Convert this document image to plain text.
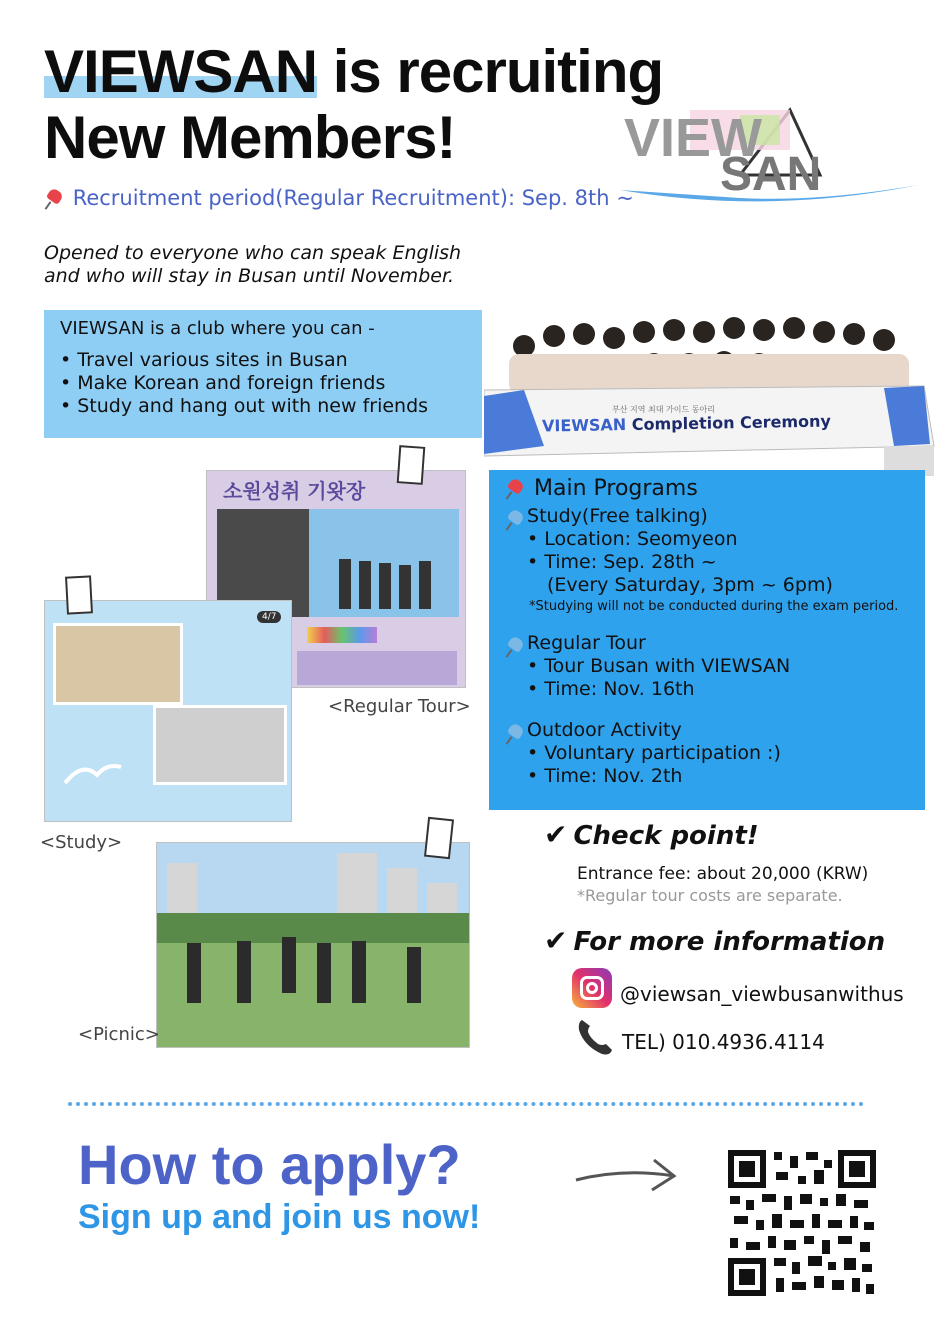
VIEWSAN is recruiting
New Members!	VIEW
SAN
Recruitment period(Regular Recruitment): Sep. 8th ~
Opened to everyone who can speak English
and who will stay in Busan until November.
VIEWSAN is a club where you can -
• Travel various sites in Busan
• Make Korean and foreign friends
• Study and hang out with new friends	부산 지역 최대 가이드 동아리
VIEWSAN Completion Ceremony
소원성취 기왓장
<Regular Tour>
4/7
<Study>
<Picnic>
Main Programs
Study(Free talking)
• Location: Seomyeon
• Time: Sep. 28th ~
(Every Saturday, 3pm ~ 6pm)
*Studying will not be conducted during the exam period.
Regular Tour
• Tour Busan with VIEWSAN
• Time: Nov. 16th
Outdoor Activity
• Voluntary participation :)
• Time: Nov. 2th
✔ Check point!
Entrance fee: about 20,000 (KRW)
*Regular tour costs are separate.
✔ For more information
@viewsan_viewbusanwithus
TEL) 010.4936.4114
How to apply?
Sign up and join us now!
